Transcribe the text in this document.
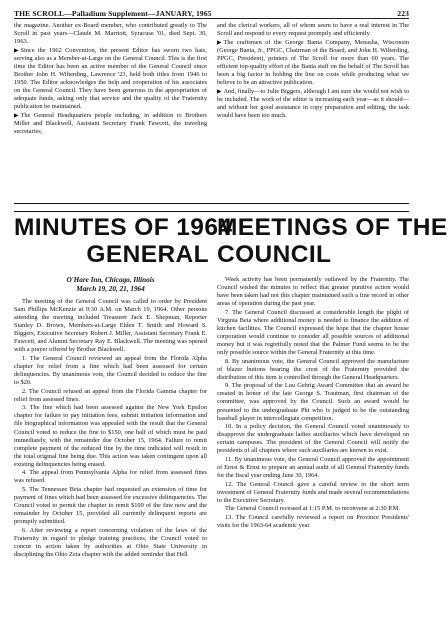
THE SCROLL—Palladium Supplement—JANUARY, 1965	223

the magazine. Another ex-Board member, who contributed greatly to The Scroll in past years—Claude M. Marriott, Syracuse '01, died Sept. 30, 1963.

▶ Since the 1962 Convention, the present Editor has sworn two hats, serving also as a Member-at-Large on the General Council. This is the first time the Editor has been an active member of the General Council since Brother John H. Wilterding, Lawrence '23, held both titles from 1946 to 1950. The Editor acknowledges the help and cooperation of his associates on the General Council. They have been generous in the appropriation of adequate funds, asking only that service and the quality of the Fraternity publication be maintained.

▶ The General Headquarters people including, in addition to Brothers Miller and Blackwell, Assistant Secretary Frank Fawcett, the traveling secretaries,

and the clerical workers, all of whom seem to have a real interest in The Scroll and respond to every request promptly and efficiently.

▶ The craftsmen of the George Banta Company, Menasha, Wisconsin (George Banta, Jr., PPGC, Chairman of the Board, and John H. Wilterding, PPGC, President), printers of The Scroll for more than 60 years. The efficient top-quality effort of the Banta staff on the behalf of The Scroll has been a big factor in holding the line on costs while producing what we believe to be an attractive publication.

▶ And, finally—to Julie Biggers, although I am sure she would not wish to be included. The work of the editor is increasing each year—as it should—and without her good assistance in copy preparation and editing, the task would have been too much.

MINUTES OF 1964
MEETINGS OF THE
GENERAL COUNCIL
O'Hare Inn, Chicago, Illinois
March 19, 20, 21, 1964

The meeting of the General Council was called to order by President Sam Phillips McKenzie at 9:30 A.M. on March 19, 1964. Other persons attending the meeting included Treasurer Jack E. Shepman, Reporter Stanley D. Brown, Members-at-Large Elden T. Smith and Howard S. Biggers, Executive Secretary Robert J. Miller, Assistant Secretary Frank E. Fawcett, and Alumni Secretary Ray E. Blackwell. The meeting was opened with a prayer offered by Brother Blackwell.

1. The General Council reviewed an appeal from the Florida Alpha chapter for relief from a fine which had been assessed for certain delinquencies. By unanimous vote, the Council decided to reduce the fine to $20.

2. The Council refused an appeal from the Florida Gamma chapter for relief from assessed fines.

3. The fine which had been assessed against the New York Epsilon chapter for failure to pay initiation fees, submit initiation information and file biographical information was appealed with the result that the General Council voted to reduce the fine to $150, one half of which must be paid immediately, with the remainder due October 15, 1964. Failure to remit complete payment of the reduced fine by the time indicated will result in the total original fine being due. This action was taken contingent upon all existing delinquencies being erased.

4. The appeal from Pennsylvania Alpha for relief from assessed fines was refused.

5. The Tennessee Beta chapter had requested an extension of time for payment of fines which had been assessed for excessive delinquencies. The Council voted to permit the chapter to remit $100 of the fine now and the remainder by October 15, provided all currently delinquent reports are promptly submitted.

6. After reviewing a report concerning violation of the laws of the Fraternity in regard to pledge training practices, the Council voted to concur in action taken by authorities at Ohio State University in disciplining the Ohio Zeta chapter with the added reminder that Hell

Week activity has been permanently outlawed by the Fraternity. The Council wished the minutes to reflect that greater punitive action would have been taken had not this chapter maintained such a fine record in other areas of operation during the past year.

7. The General Council discussed at considerable length the plight of Virginia Beta where additional money is needed to finance the addition of kitchen facilities. The Council expressed the hope that the chapter house corporation would continue to consider all possible sources of additional money but it was regretfully noted that the Palmer Fund seems to be the only possible source within the General Fraternity at this time.

8. By unanimous vote, the General Council approved the manufacture of blazer buttons bearing the crest of the Fraternity provided the distribution of this item is controlled through the General Headquarters.

9. The proposal of the Lou Gehrig Award Committee that an award be created in honor of the late George S. Trautman, first chairman of the committee, was approved by the Council. Such an award would be presented to the undergraduate Phi who is judged to be the outstanding baseball player in intercollegiate competition.

10. In a policy decision, the General Council voted unanimously to disapprove the undergraduate ladies auxiliaries which have developed on certain campuses. The president of the General Council will notify the presidents of all chapters where such auxiliaries are known to exist.

11. By unanimous vote, the General Council approved the appointment of Ernst & Ernst to prepare an annual audit of all General Fraternity funds for the fiscal year ending June 30, 1964.

12. The General Council gave a careful review to the short term investment of General Fraternity funds and made several recommendations to the Executive Secretary.

The General Council recessed at 1:15 P.M. to reconvene at 2:30 P.M.

13. The Council carefully reviewed a report on Province Presidents' visits for the 1963-64 academic year.
